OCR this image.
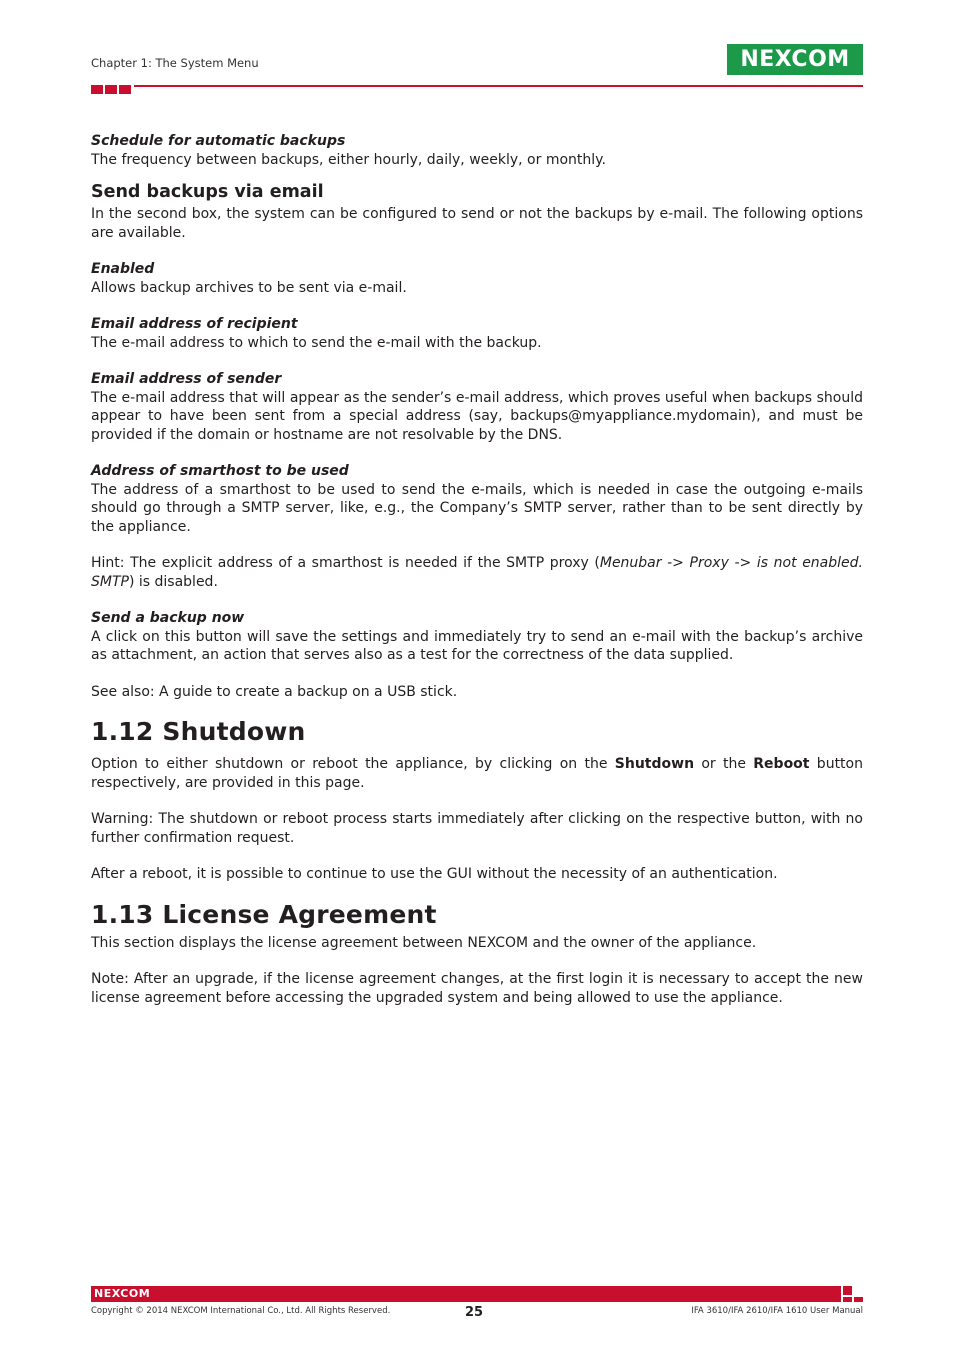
Chapter 1: The System Menu	NEXCOM

Schedule for automatic backups

The frequency between backups, either hourly, daily, weekly, or monthly.

Send backups via email

In the second box, the system can be configured to send or not the backups by e-mail. The following options are available.

Enabled

Allows backup archives to be sent via e-mail.

Email address of recipient

The e-mail address to which to send the e-mail with the backup.

Email address of sender

The e-mail address that will appear as the sender’s e-mail address, which proves useful when backups should appear to have been sent from a special address (say, backups@myappliance.mydomain), and must be provided if the domain or hostname are not resolvable by the DNS.

Address of smarthost to be used

The address of a smarthost to be used to send the e-mails, which is needed in case the outgoing e-mails should go through a SMTP server, like, e.g., the Company’s SMTP server, rather than to be sent directly by the appliance.

Hint: The explicit address of a smarthost is needed if the SMTP proxy (Menubar -> Proxy -> is not enabled. SMTP) is disabled.

Send a backup now

A click on this button will save the settings and immediately try to send an e-mail with the backup’s archive as attachment, an action that serves also as a test for the correctness of the data supplied.

See also: A guide to create a backup on a USB stick.

1.12 Shutdown

Option to either shutdown or reboot the appliance, by clicking on the Shutdown or the Reboot button respectively, are provided in this page.

Warning: The shutdown or reboot process starts immediately after clicking on the respective button, with no further confirmation request.

After a reboot, it is possible to continue to use the GUI without the necessity of an authentication.

1.13 License Agreement

This section displays the license agreement between NEXCOM and the owner of the appliance.

Note: After an upgrade, if the license agreement changes, at the first login it is necessary to accept the new license agreement before accessing the upgraded system and being allowed to use the appliance.

NEXCOM
Copyright © 2014 NEXCOM International Co., Ltd. All Rights Reserved.	25	IFA 3610/IFA 2610/IFA 1610 User Manual
